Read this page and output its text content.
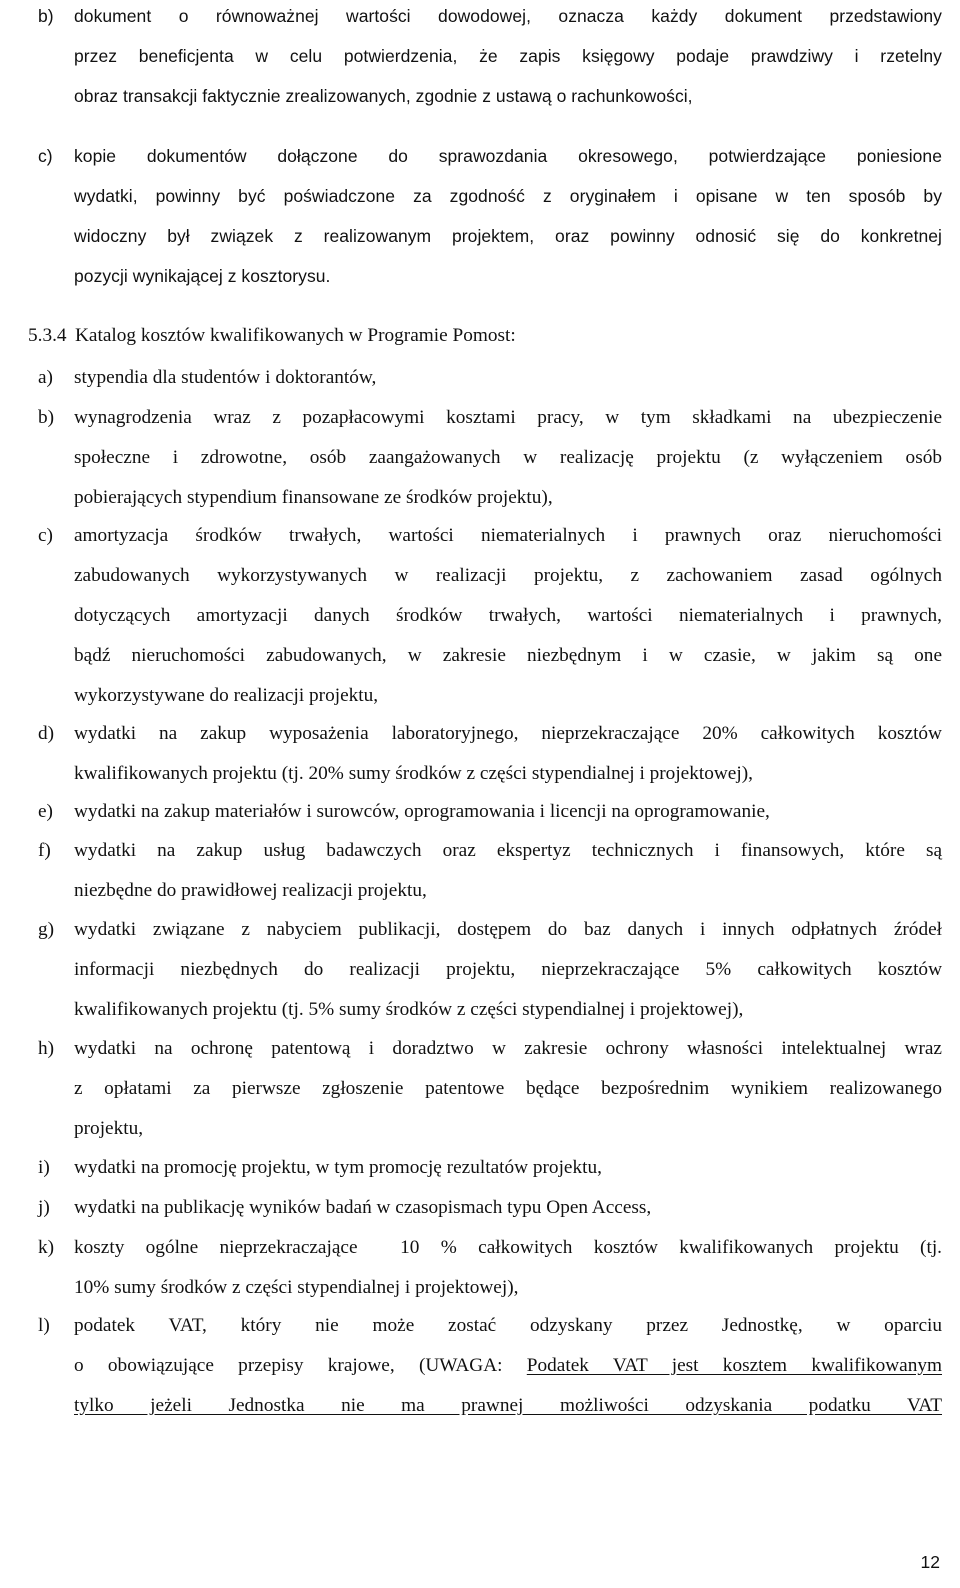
b)	dokument o równoważnej wartości dowodowej, oznacza każdy dokument przedstawiony
przez beneficjenta w celu potwierdzenia, że zapis księgowy podaje prawdziwy i rzetelny
obraz transakcji faktycznie zrealizowanych, zgodnie z ustawą o rachunkowości,
c)	kopie dokumentów dołączone do sprawozdania okresowego, potwierdzające poniesione
wydatki, powinny być poświadczone za zgodność z oryginałem i opisane w ten sposób by
widoczny był związek z realizowanym projektem, oraz powinny odnosić się do konkretnej
pozycji wynikającej z kosztorysu.
5.3.4 Katalog kosztów kwalifikowanych w Programie Pomost:
a)	stypendia dla studentów i doktorantów,
b)	wynagrodzenia wraz z pozapłacowymi kosztami pracy, w tym składkami na ubezpieczenie
społeczne i zdrowotne, osób zaangażowanych w realizację projektu (z wyłączeniem osób
pobierających stypendium finansowane ze środków projektu),
c)	amortyzacja środków trwałych, wartości niematerialnych i prawnych oraz nieruchomości
zabudowanych wykorzystywanych w realizacji projektu, z zachowaniem zasad ogólnych
dotyczących amortyzacji danych środków trwałych, wartości niematerialnych i prawnych,
bądź nieruchomości zabudowanych, w zakresie niezbędnym i w czasie, w jakim są one
wykorzystywane do realizacji projektu,
d)	wydatki na zakup wyposażenia laboratoryjnego, nieprzekraczające 20% całkowitych kosztów
kwalifikowanych projektu (tj. 20% sumy środków z części stypendialnej i projektowej),
e)	wydatki na zakup materiałów i surowców, oprogramowania i licencji na oprogramowanie,
f)	wydatki na zakup usług badawczych oraz ekspertyz technicznych i finansowych, które są
niezbędne do prawidłowej realizacji projektu,
g)	wydatki związane z nabyciem publikacji, dostępem do baz danych i innych odpłatnych źródeł
informacji niezbędnych do realizacji projektu, nieprzekraczające 5% całkowitych kosztów
kwalifikowanych projektu (tj. 5% sumy środków z części stypendialnej i projektowej),
h)	wydatki na ochronę patentową i doradztwo w zakresie ochrony własności intelektualnej wraz
z opłatami za pierwsze zgłoszenie patentowe będące bezpośrednim wynikiem realizowanego
projektu,
i)	wydatki na promocję projektu, w tym promocję rezultatów projektu,
j)	wydatki na publikację wyników badań w czasopismach typu Open Access,
k)	koszty ogólne nieprzekraczające  10 % całkowitych kosztów kwalifikowanych projektu (tj.
10% sumy środków z części stypendialnej i projektowej),
l)	podatek VAT, który nie może zostać odzyskany przez Jednostkę, w oparciu
o obowiązujące przepisy krajowe, (UWAGA: Podatek VAT jest kosztem kwalifikowanym
tylko jeżeli Jednostka nie ma prawnej możliwości odzyskania podatku VAT
12
